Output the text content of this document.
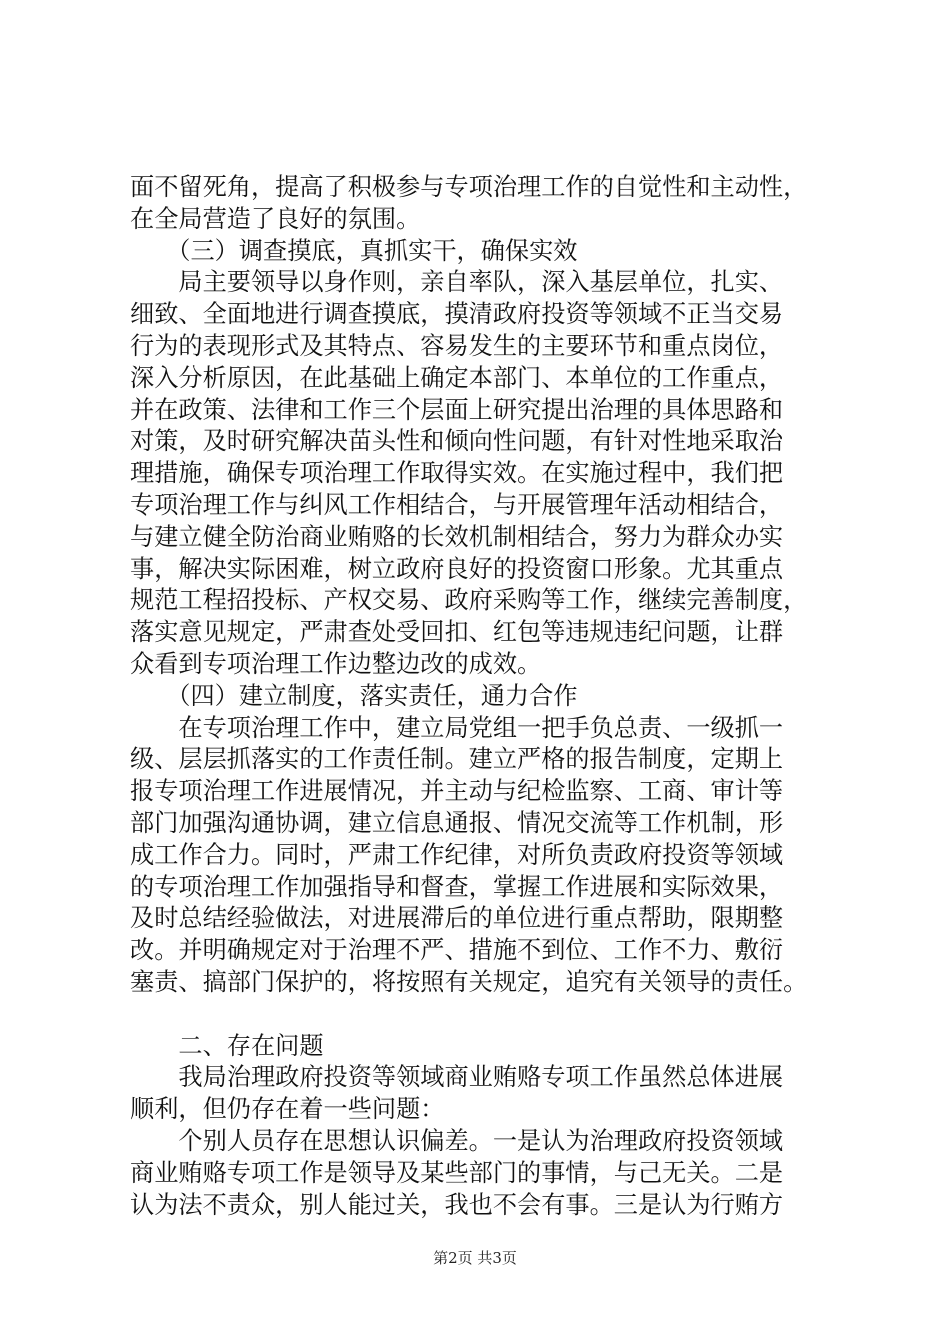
面不留死角，提高了积极参与专项治理工作的自觉性和主动性，
在全局营造了良好的氛围。
　　（三）调查摸底，真抓实干，确保实效
　　局主要领导以身作则，亲自率队，深入基层单位，扎实、
细致、全面地进行调查摸底，摸清政府投资等领域不正当交易
行为的表现形式及其特点、容易发生的主要环节和重点岗位，
深入分析原因，在此基础上确定本部门、本单位的工作重点，
并在政策、法律和工作三个层面上研究提出治理的具体思路和
对策，及时研究解决苗头性和倾向性问题，有针对性地采取治
理措施，确保专项治理工作取得实效。在实施过程中，我们把
专项治理工作与纠风工作相结合，与开展管理年活动相结合，
与建立健全防治商业贿赂的长效机制相结合，努力为群众办实
事，解决实际困难，树立政府良好的投资窗口形象。尤其重点
规范工程招投标、产权交易、政府采购等工作，继续完善制度，
落实意见规定，严肃查处受回扣、红包等违规违纪问题，让群
众看到专项治理工作边整边改的成效。
　　（四）建立制度，落实责任，通力合作
　　在专项治理工作中，建立局党组一把手负总责、一级抓一
级、层层抓落实的工作责任制。建立严格的报告制度，定期上
报专项治理工作进展情况，并主动与纪检监察、工商、审计等
部门加强沟通协调，建立信息通报、情况交流等工作机制，形
成工作合力。同时，严肃工作纪律，对所负责政府投资等领域
的专项治理工作加强指导和督查，掌握工作进展和实际效果，
及时总结经验做法，对进展滞后的单位进行重点帮助，限期整
改。并明确规定对于治理不严、措施不到位、工作不力、敷衍
塞责、搞部门保护的，将按照有关规定，追究有关领导的责任。
　　二、存在问题
　　我局治理政府投资等领域商业贿赂专项工作虽然总体进展
顺利，但仍存在着一些问题：
　　个别人员存在思想认识偏差。一是认为治理政府投资领域
商业贿赂专项工作是领导及某些部门的事情，与己无关。二是
认为法不责众，别人能过关，我也不会有事。三是认为行贿方
第2页 共3页
